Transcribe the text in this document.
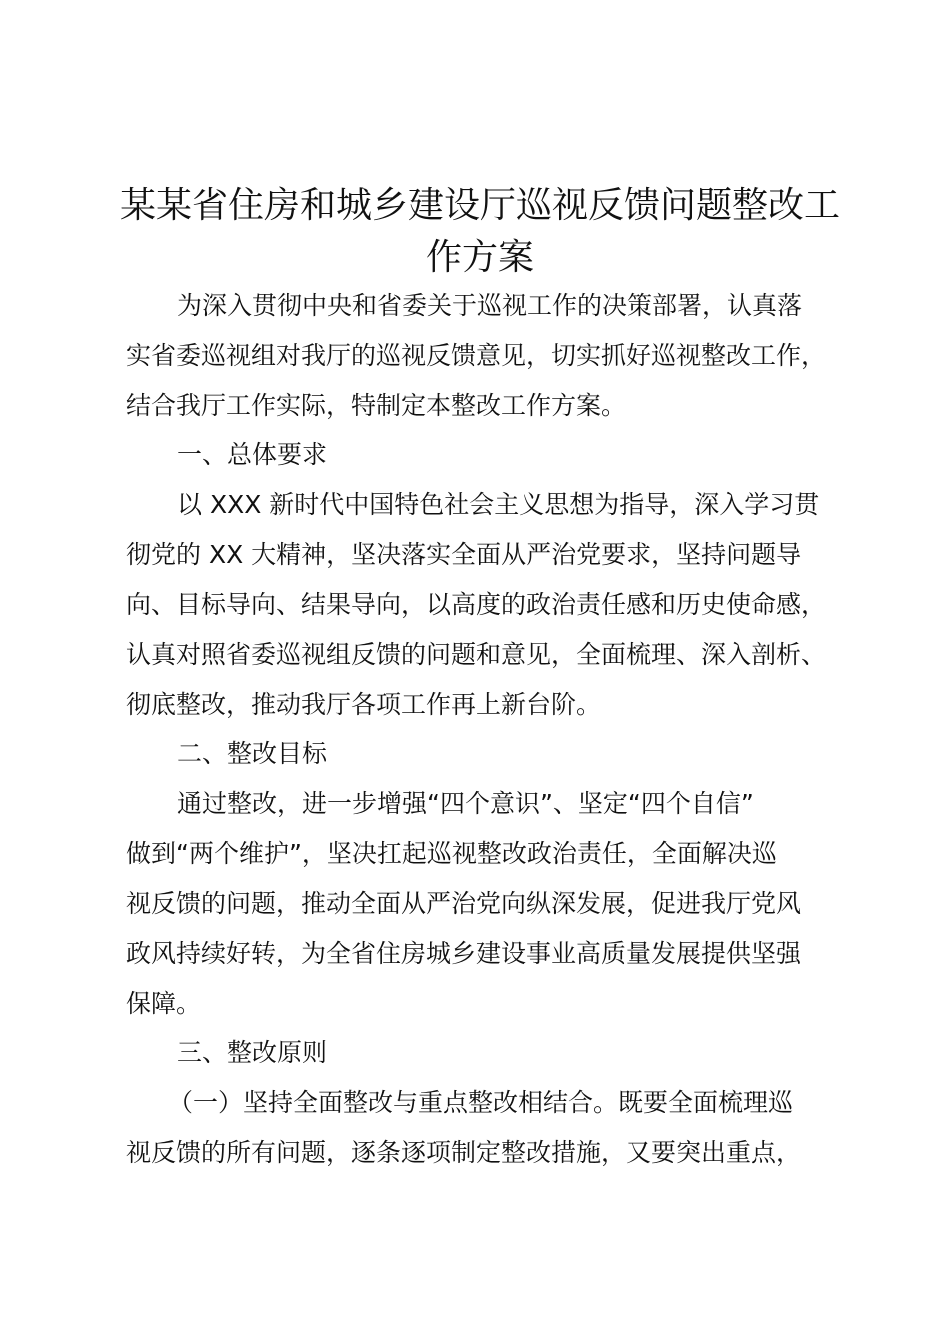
某某省住房和城乡建设厅巡视反馈问题整改工
作方案

为深入贯彻中央和省委关于巡视工作的决策部署，认真落

实省委巡视组对我厅的巡视反馈意见，切实抓好巡视整改工作，

结合我厅工作实际，特制定本整改工作方案。

一、总体要求

以 XXX 新时代中国特色社会主义思想为指导，深入学习贯

彻党的 XX 大精神，坚决落实全面从严治党要求，坚持问题导

向、目标导向、结果导向，以高度的政治责任感和历史使命感，

认真对照省委巡视组反馈的问题和意见，全面梳理、深入剖析、

彻底整改，推动我厅各项工作再上新台阶。

二、整改目标

通过整改，进一步增强“四个意识”、坚定“四个自信”

做到“两个维护”，坚决扛起巡视整改政治责任，全面解决巡

视反馈的问题，推动全面从严治党向纵深发展，促进我厅党风

政风持续好转，为全省住房城乡建设事业高质量发展提供坚强

保障。

三、整改原则

（一）坚持全面整改与重点整改相结合。既要全面梳理巡

视反馈的所有问题，逐条逐项制定整改措施，又要突出重点，
